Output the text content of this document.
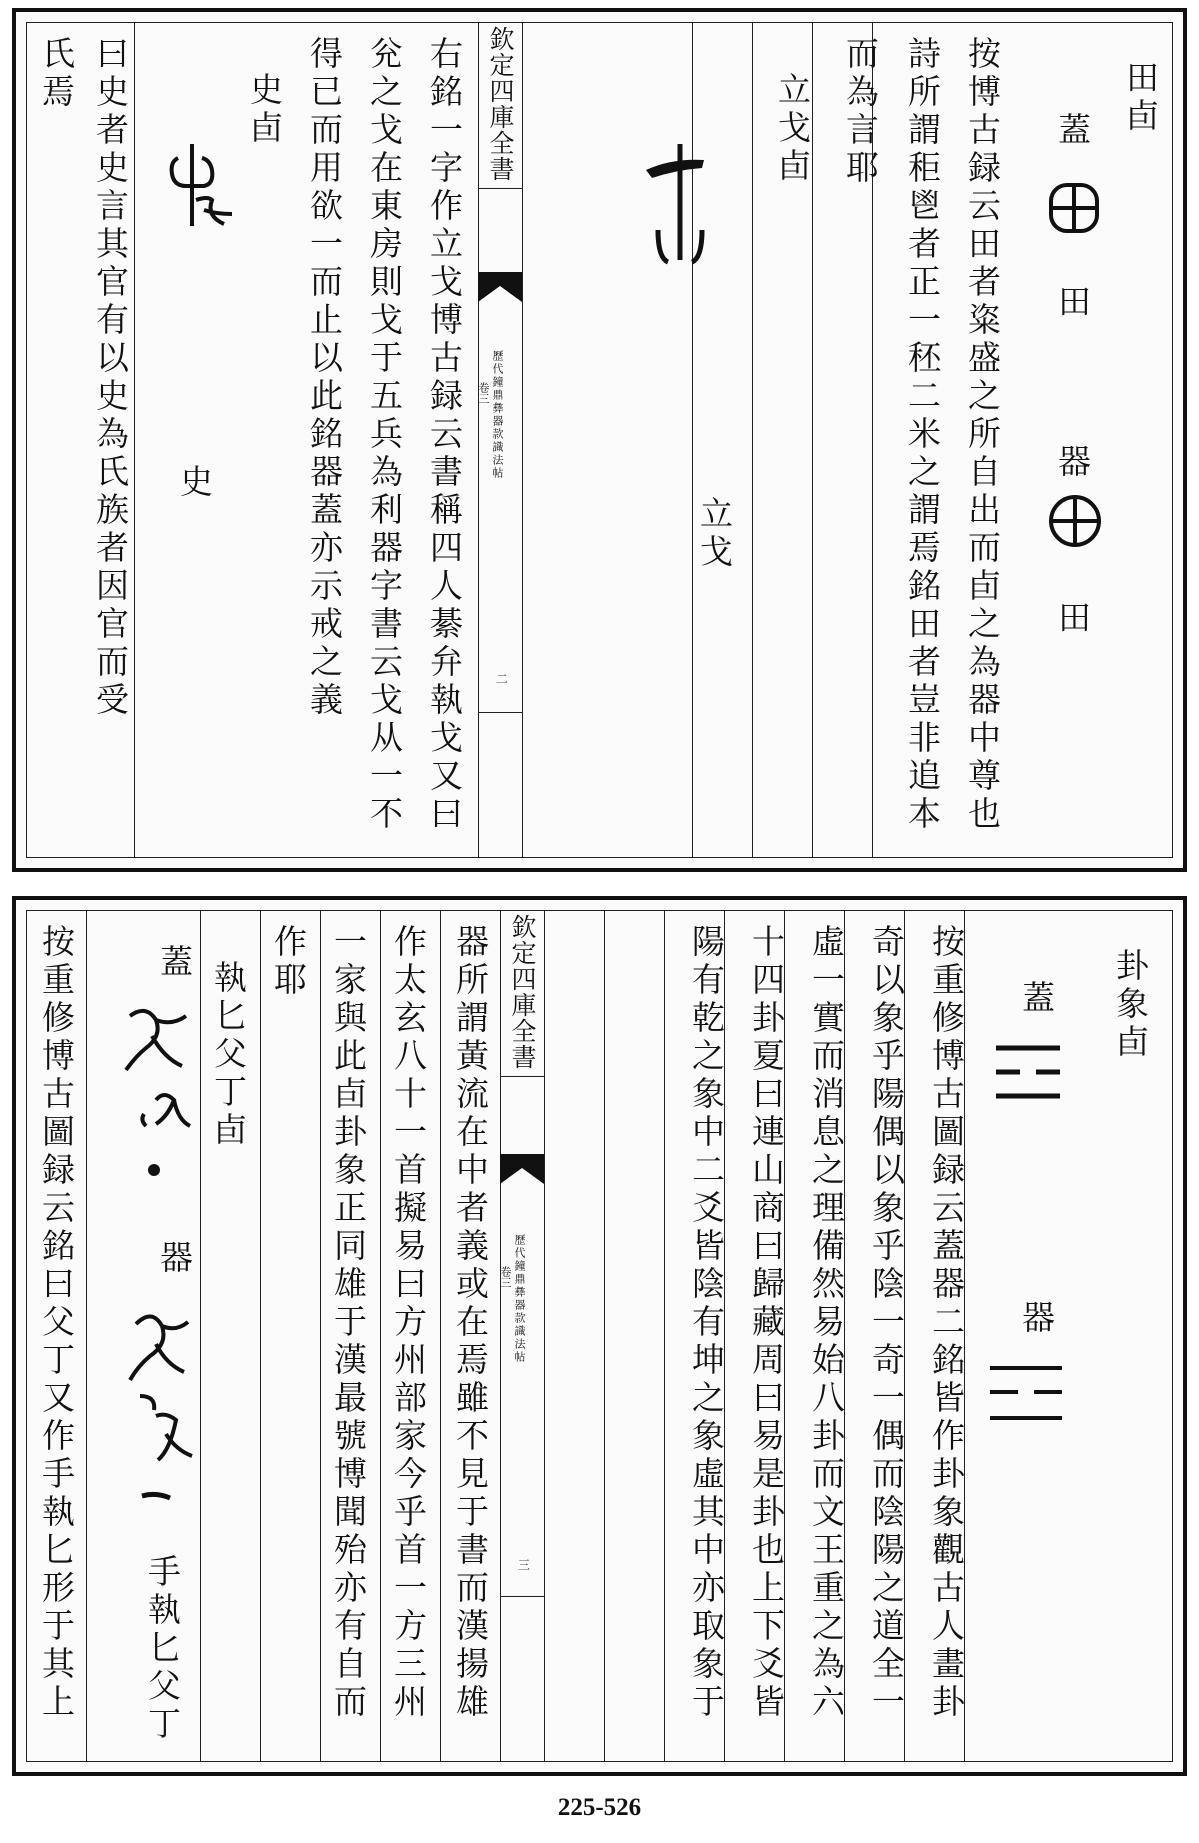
田卣
蓋
田
器
田
按博古録云田者粢盛之所自出而卣之為器中尊也
詩所謂秬鬯者正一秠二米之謂焉銘田者豈非追本
而為言耶
立戈卣
立戈
欽定四庫全書
卷三 歷代鐘鼎彝器款識法帖
二
右銘一字作立戈博古録云書稱四人綦弁執戈又曰
兊之戈在東房則戈于五兵為利器字書云戈从一不
得已而用欲一而止以此銘器蓋亦示戒之義
史卣
史
曰史者史言其官有以史為氏族者因官而受
氏焉
卦象卣
蓋
器
按重修博古圖録云蓋器二銘皆作卦象觀古人畫卦
奇以象乎陽偶以象乎陰一奇一偶而陰陽之道全一
虛一實而消息之理備然易始八卦而文王重之為六
十四卦夏曰連山商曰歸藏周曰易是卦也上下爻皆
陽有乾之象中二爻皆陰有坤之象虛其中亦取象于
欽定四庫全書
卷三 歷代鐘鼎彝器款識法帖
三
器所謂黃流在中者義或在焉雖不見于書而漢揚雄
作太玄八十一首擬易曰方州部家今乎首一方三州
一家與此卣卦象正同雄于漢最號博聞殆亦有自而
作耶
執匕父丁卣
蓋
器
手執匕父丁
按重修博古圖録云銘曰父丁又作手執匕形于其上
225-526
